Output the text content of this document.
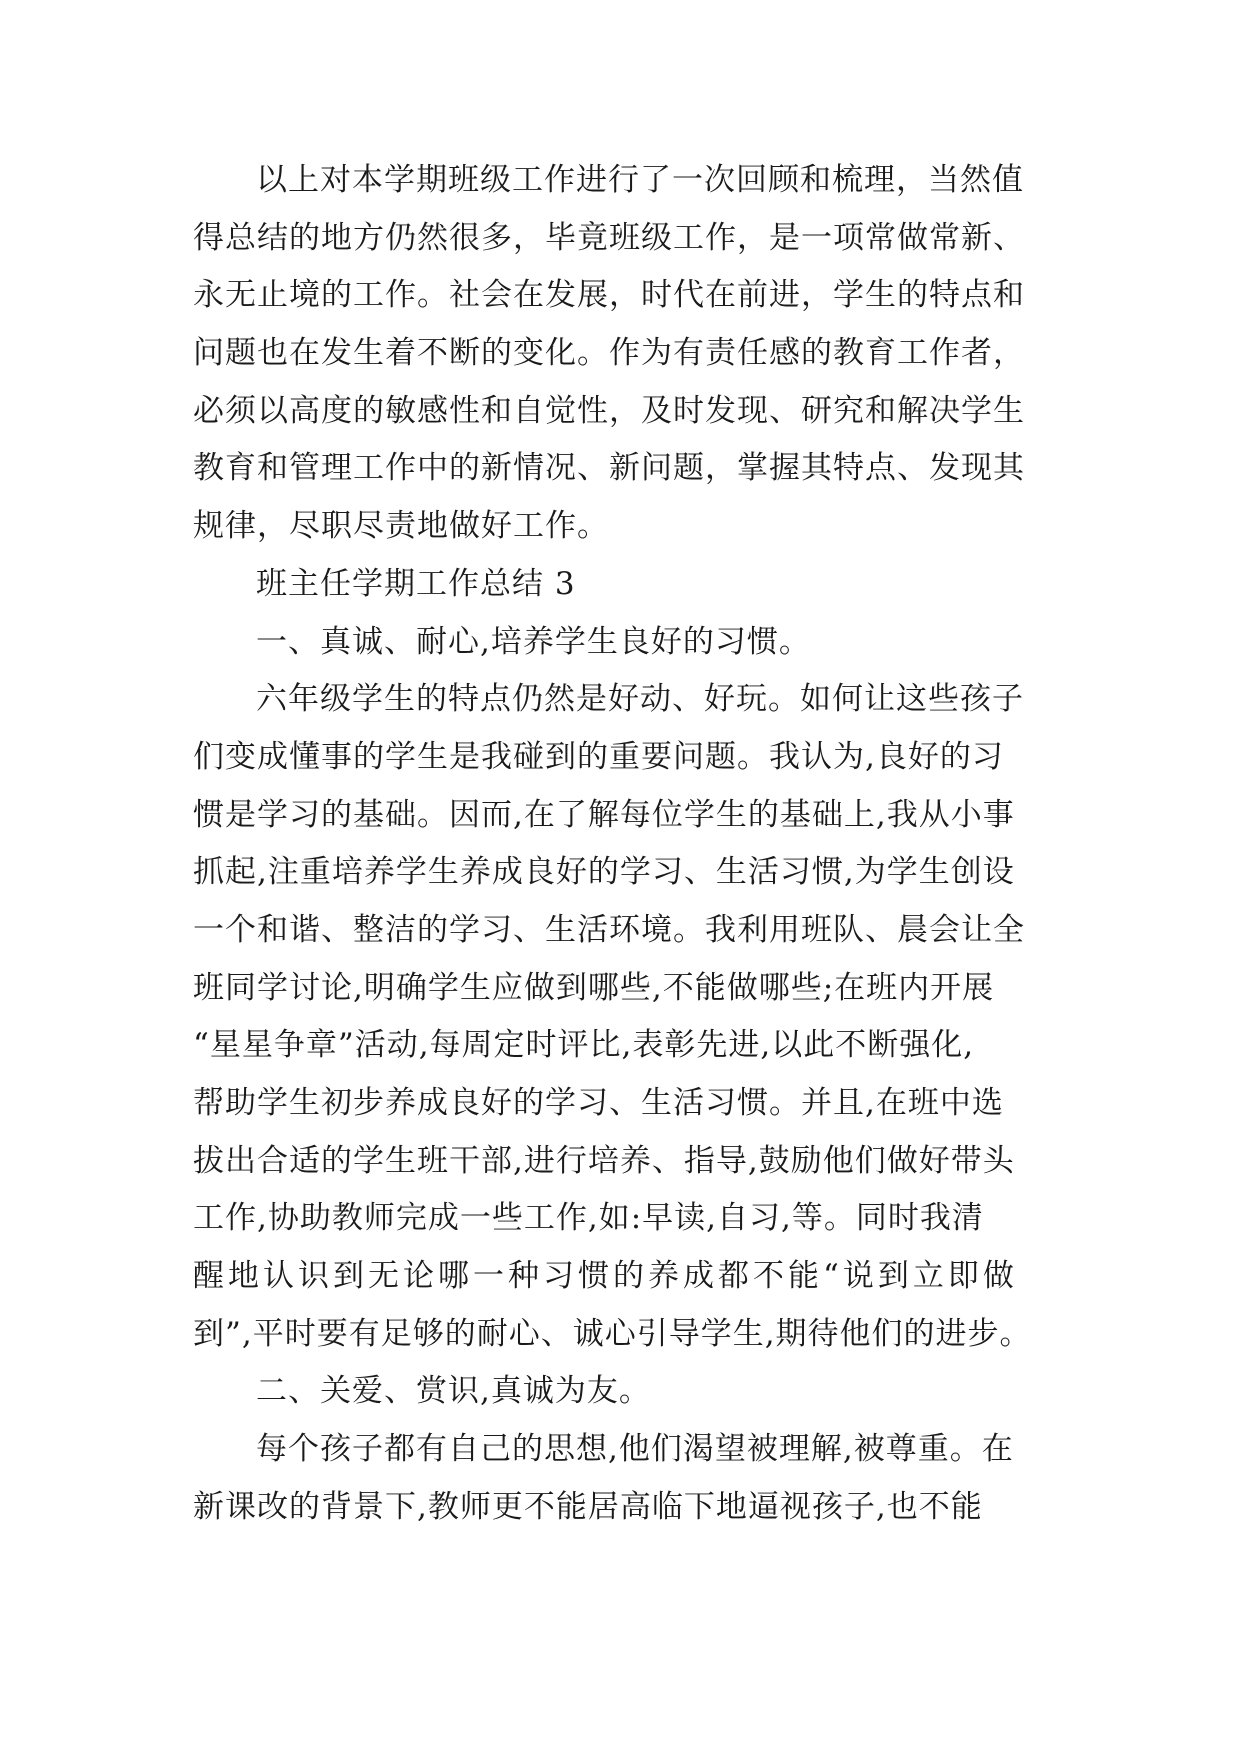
以上对本学期班级工作进行了一次回顾和梳理，当然值
得总结的地方仍然很多，毕竟班级工作，是一项常做常新、
永无止境的工作。社会在发展，时代在前进，学生的特点和
问题也在发生着不断的变化。作为有责任感的教育工作者，
必须以高度的敏感性和自觉性，及时发现、研究和解决学生
教育和管理工作中的新情况、新问题，掌握其特点、发现其
规律，尽职尽责地做好工作。
班主任学期工作总结 3
一、真诚、耐心,培养学生良好的习惯。
六年级学生的特点仍然是好动、好玩。如何让这些孩子
们变成懂事的学生是我碰到的重要问题。我认为,良好的习
惯是学习的基础。因而,在了解每位学生的基础上,我从小事
抓起,注重培养学生养成良好的学习、生活习惯,为学生创设
一个和谐、整洁的学习、生活环境。我利用班队、晨会让全
班同学讨论,明确学生应做到哪些,不能做哪些;在班内开展
“星星争章”活动,每周定时评比,表彰先进,以此不断强化,
帮助学生初步养成良好的学习、生活习惯。并且,在班中选
拔出合适的学生班干部,进行培养、指导,鼓励他们做好带头
工作,协助教师完成一些工作,如:早读,自习,等。同时我清
醒地认识到无论哪一种习惯的养成都不能“说到立即做
到”,平时要有足够的耐心、诚心引导学生,期待他们的进步。
二、关爱、赏识,真诚为友。
每个孩子都有自己的思想,他们渴望被理解,被尊重。在
新课改的背景下,教师更不能居高临下地逼视孩子,也不能
